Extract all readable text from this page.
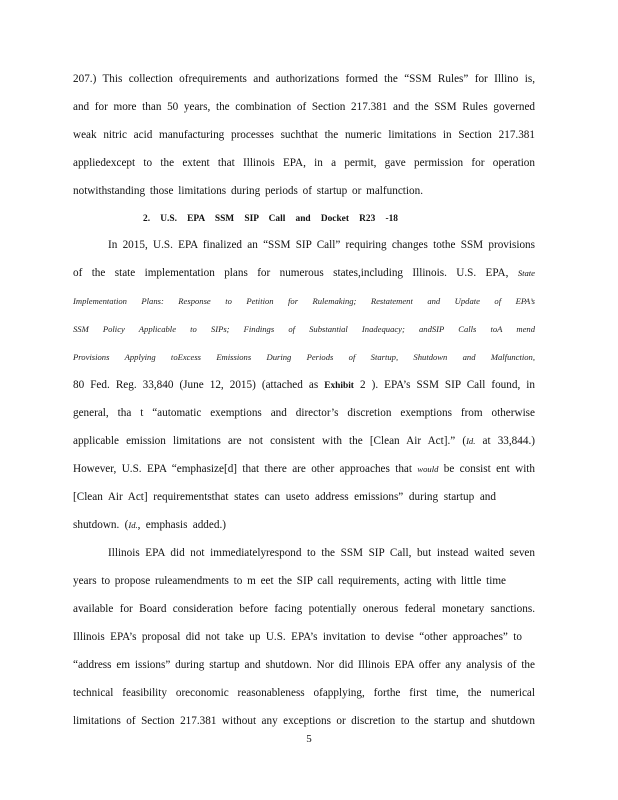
207.) This collection ofrequirements and authorizations formed the “SSM Rules” for Illino is,
and for more than 50 years, the combination of Section 217.381 and the SSM Rules governed
weak nitric acid manufacturing processes suchthat the numeric limitations in Section 217.381
appliedexcept to the extent that Illinois EPA, in a permit, gave permission for operation
notwithstanding those limitations during periods of startup or malfunction.
2. U.S. EPA SSM SIP Call and Docket R23 -18
In 2015, U.S. EPA finalized an “SSM SIP Call” requiring changes tothe SSM provisions
of the state implementation plans for numerous states,including Illinois. U.S. EPA, State
Implementation Plans: Response to Petition for Rulemaking; Restatement and Update of EPA’s
SSM Policy Applicable to SIPs; Findings of Substantial Inadequacy; andSIP Calls toA mend
Provisions Applying toExcess Emissions During Periods of Startup, Shutdown and Malfunction,
80 Fed. Reg. 33,840 (June 12, 2015) (attached as Exhibit 2 ). EPA’s SSM SIP Call found, in
general, tha t “automatic exemptions and director’s discretion exemptions from otherwise
applicable emission limitations are not consistent with the [Clean Air Act].” (Id. at 33,844.)
However, U.S. EPA “emphasize[d] that there are other approaches that would be consist ent with
[Clean Air Act] requirementsthat states can useto address emissions” during startup and
shutdown. (Id., emphasis added.)
Illinois EPA did not immediatelyrespond to the SSM SIP Call, but instead waited seven
years to propose ruleamendments to m eet the SIP call requirements, acting with little time
available for Board consideration before facing potentially onerous federal monetary sanctions.
Illinois EPA’s proposal did not take up U.S. EPA’s invitation to devise “other approaches” to
“address em issions” during startup and shutdown. Nor did Illinois EPA offer any analysis of the
technical feasibility oreconomic reasonableness ofapplying, forthe first time, the numerical
limitations of Section 217.381 without any exceptions or discretion to the startup and shutdown
5
